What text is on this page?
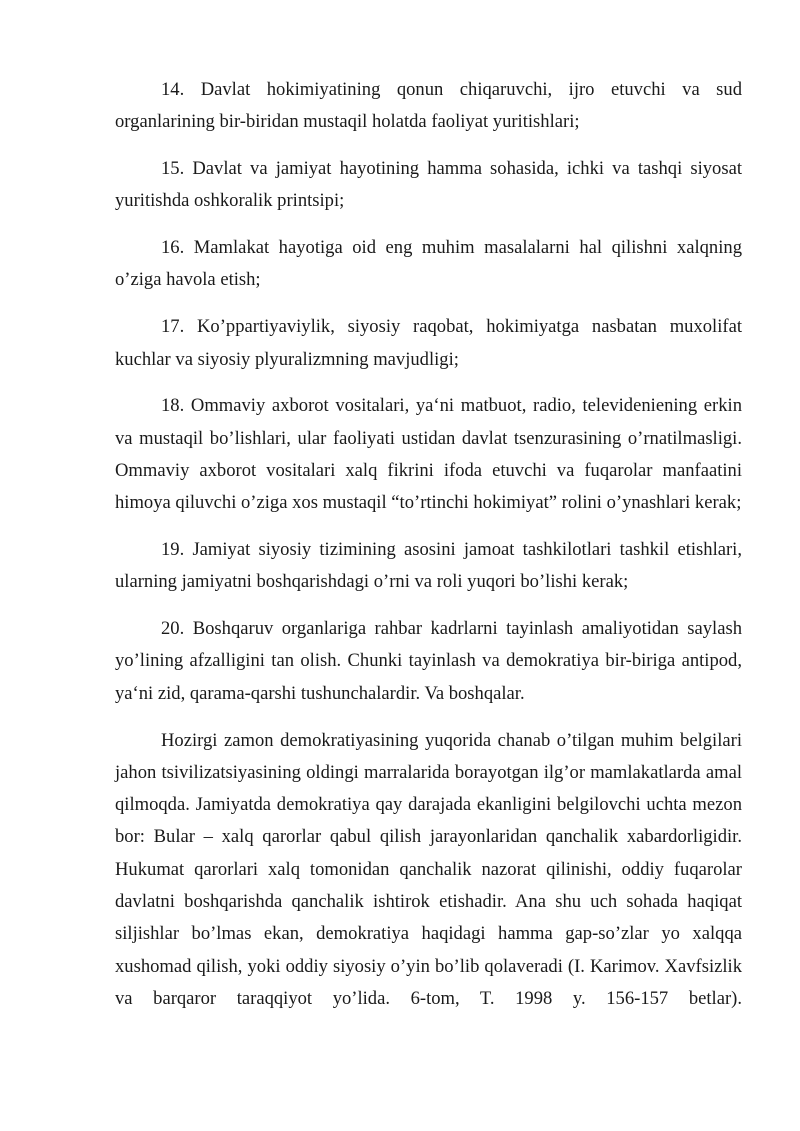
14. Davlat hokimiyatining qonun chiqaruvchi, ijro etuvchi va sud organlarining bir-biridan mustaqil holatda faoliyat yuritishlari;

15. Davlat va jamiyat hayotining hamma sohasida, ichki va tashqi siyosat yuritishda oshkoralik printsipi;

16. Mamlakat hayotiga oid eng muhim masalalarni hal qilishni xalqning o’ziga havola etish;

17. Ko’ppartiyaviylik, siyosiy raqobat, hokimiyatga nasbatan muxolifat kuchlar va siyosiy plyuralizmning mavjudligi;

18. Ommaviy axborot vositalari, ya‘ni matbuot, radio, televideniening erkin va mustaqil bo’lishlari, ular faoliyati ustidan davlat tsenzurasining o’rnatilmasligi. Ommaviy axborot vositalari xalq fikrini ifoda etuvchi va fuqarolar manfaatini himoya qiluvchi o’ziga xos mustaqil “to’rtinchi hokimiyat” rolini o’ynashlari kerak;

19. Jamiyat siyosiy tizimining asosini jamoat tashkilotlari tashkil etishlari, ularning jamiyatni boshqarishdagi o’rni va roli yuqori bo’lishi kerak;

20. Boshqaruv organlariga rahbar kadrlarni tayinlash amaliyotidan saylash yo’lining afzalligini tan olish. Chunki tayinlash va demokratiya bir-biriga antipod, ya‘ni zid, qarama-qarshi tushunchalardir. Va boshqalar.

Hozirgi zamon demokratiyasining yuqorida chanab o’tilgan muhim belgilari jahon tsivilizatsiyasining oldingi marralarida borayotgan ilg’or mamlakatlarda amal qilmoqda. Jamiyatda demokratiya qay darajada ekanligini belgilovchi uchta mezon bor: Bular – xalq qarorlar qabul qilish jarayonlaridan qanchalik xabardorligidir. Hukumat qarorlari xalq tomonidan qanchalik nazorat qilinishi, oddiy fuqarolar davlatni boshqarishda qanchalik ishtirok etishadir. Ana shu uch sohada haqiqat siljishlar bo’lmas ekan, demokratiya haqidagi hamma gap-so’zlar yo xalqqa xushomad qilish, yoki oddiy siyosiy o’yin bo’lib qolaveradi (I. Karimov. Xavfsizlik va barqaror taraqqiyot yo’lida. 6-tom, T. 1998 y. 156-157 betlar).
